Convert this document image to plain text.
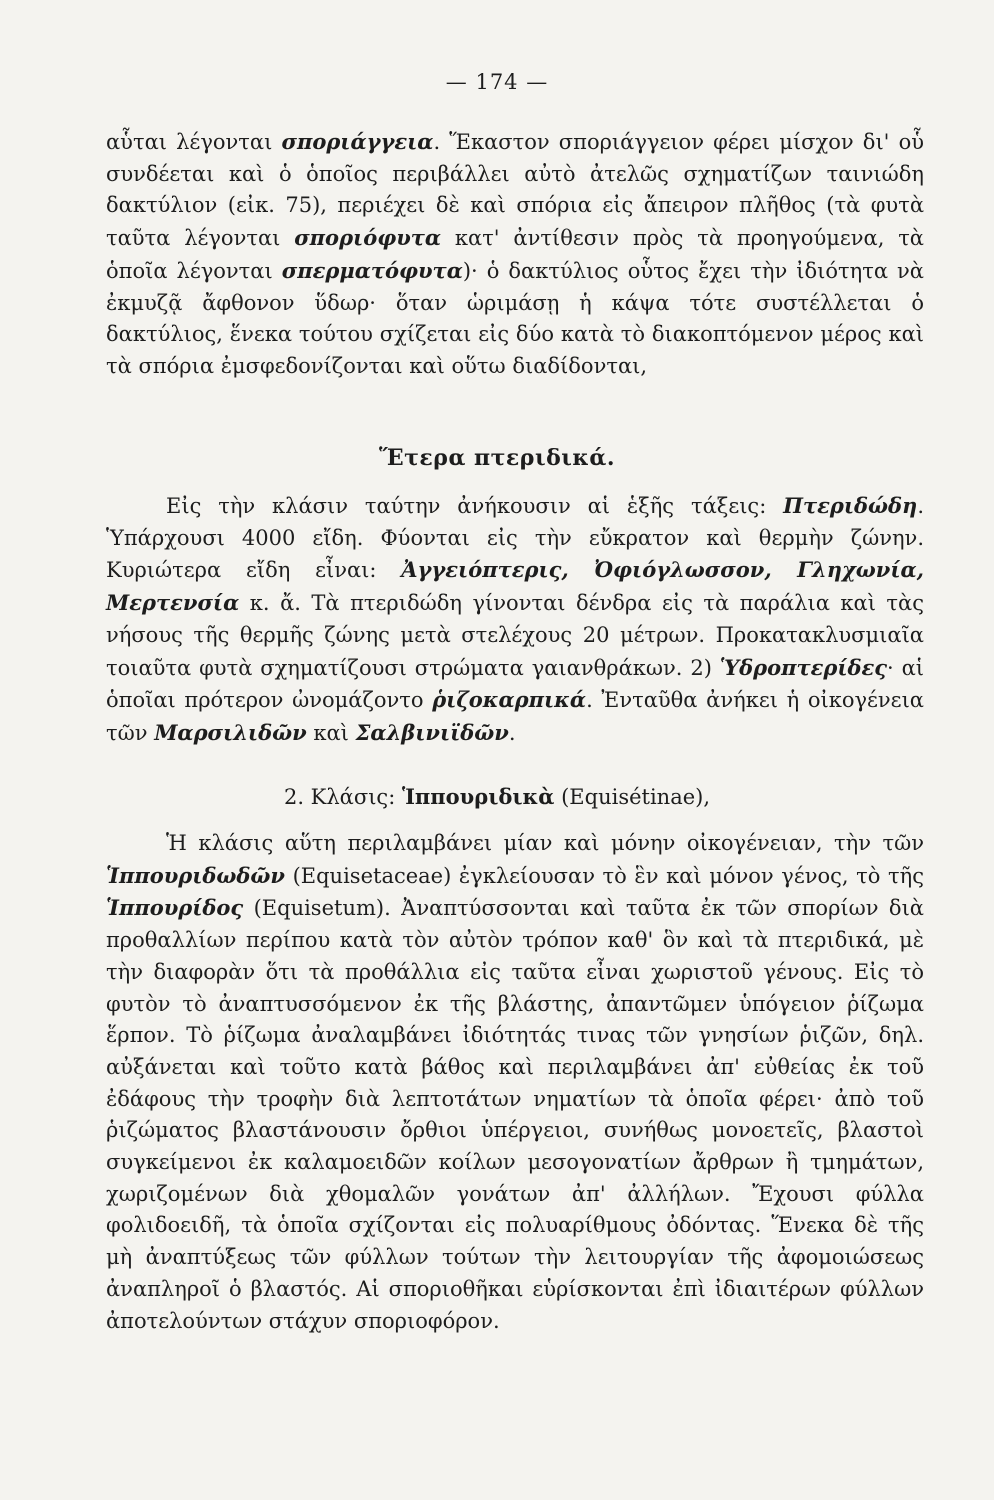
— 174 —

αὗται λέγονται σποριάγγεια. Ἕκαστον σποριάγγειον φέρει μίσχον δι' οὗ συνδέεται καὶ ὁ ὁποῖος περιβάλλει αὐτὸ ἀτελῶς σχηματίζων ταινιώδη δακτύλιον (εἰκ. 75), περιέχει δὲ καὶ σπόρια εἰς ἄπειρον πλῆθος (τὰ φυτὰ ταῦτα λέγονται σποριόφυτα κατ' ἀντίθεσιν πρὸς τὰ προηγούμενα, τὰ ὁποῖα λέγονται σπερματόφυτα)· ὁ δακτύλιος οὗτος ἔχει τὴν ἰδιότητα νὰ ἐκμυζᾷ ἄφθονον ὕδωρ· ὅταν ὡριμάσῃ ἡ κάψα τότε συστέλλεται ὁ δακτύλιος, ἕνεκα τούτου σχίζεται εἰς δύο κατὰ τὸ διακοπτόμενον μέρος καὶ τὰ σπόρια ἐμσφεδονίζονται καὶ οὕτω διαδίδονται,

Ἕτερα πτεριδικά.

Εἰς τὴν κλάσιν ταύτην ἀνήκουσιν αἱ ἑξῆς τάξεις: Πτεριδώδη. Ὑπάρχουσι 4000 εἴδη. Φύονται εἰς τὴν εὔκρατον καὶ θερμὴν ζώνην. Κυριώτερα εἴδη εἶναι: Ἀγγειόπτερις, Ὀφιόγλωσσον, Γληχωνία, Μερτενσία κ. ἄ. Τὰ πτεριδώδη γίνονται δένδρα εἰς τὰ παράλια καὶ τὰς νήσους τῆς θερμῆς ζώνης μετὰ στελέχους 20 μέτρων. Προκατακλυσμιαῖα τοιαῦτα φυτὰ σχηματίζουσι στρώματα γαιανθράκων. 2) Ὑδροπτερίδες· αἱ ὁποῖαι πρότερον ὠνομάζοντο ῥιζοκαρπικά. Ἐνταῦθα ἀνήκει ἡ οἰκογένεια τῶν Μαρσιλιδῶν καὶ Σαλβινιϊδῶν.

2. Κλάσις: Ἱππουριδικὰ (Equisétinae),

Ἡ κλάσις αὕτη περιλαμβάνει μίαν καὶ μόνην οἰκογένειαν, τὴν τῶν Ἱππουριδωδῶν (Equisetaceae) ἐγκλείουσαν τὸ ἓν καὶ μόνον γένος, τὸ τῆς Ἱππουρίδος (Equisetum). Ἀναπτύσσονται καὶ ταῦτα ἐκ τῶν σπορίων διὰ προθαλλίων περίπου κατὰ τὸν αὐτὸν τρόπον καθ' ὃν καὶ τὰ πτεριδικά, μὲ τὴν διαφορὰν ὅτι τὰ προθάλλια εἰς ταῦτα εἶναι χωριστοῦ γένους. Εἰς τὸ φυτὸν τὸ ἀναπτυσσόμενον ἐκ τῆς βλάστης, ἀπαντῶμεν ὑπόγειον ῥίζωμα ἕρπον. Τὸ ῥίζωμα ἀναλαμβάνει ἰδιότητάς τινας τῶν γνησίων ῥιζῶν, δηλ. αὐξάνεται καὶ τοῦτο κατὰ βάθος καὶ περιλαμβάνει ἀπ' εὐθείας ἐκ τοῦ ἐδάφους τὴν τροφὴν διὰ λεπτοτάτων νηματίων τὰ ὁποῖα φέρει· ἀπὸ τοῦ ῥιζώματος βλαστάνουσιν ὄρθιοι ὑπέργειοι, συνήθως μονοετεῖς, βλαστοὶ συγκείμενοι ἐκ καλαμοειδῶν κοίλων μεσογονατίων ἄρθρων ἢ τμημάτων, χωριζομένων διὰ χθομαλῶν γονάτων ἀπ' ἀλλήλων. Ἔχουσι φύλλα φολιδοειδῆ, τὰ ὁποῖα σχίζονται εἰς πολυαρίθμους ὀδόντας. Ἕνεκα δὲ τῆς μὴ ἀναπτύξεως τῶν φύλλων τούτων τὴν λειτουργίαν τῆς ἀφομοιώσεως ἀναπληροῖ ὁ βλαστός. Αἱ σποριοθῆκαι εὑρίσκονται ἐπὶ ἰδιαιτέρων φύλλων ἀποτελούντων στάχυν σποριοφόρον.
